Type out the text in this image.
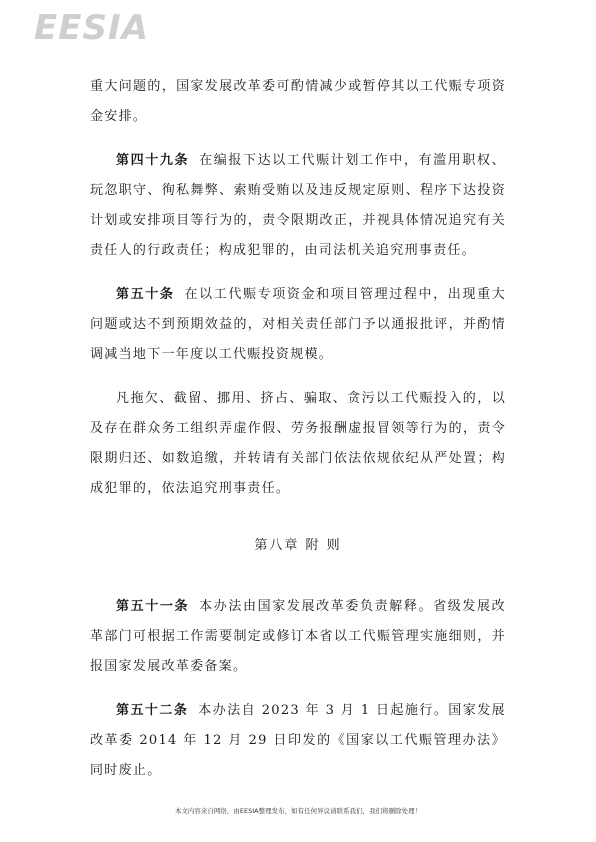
EESIA

重大问题的，国家发展改革委可酌情减少或暂停其以工代赈专项资金安排。

第四十九条 在编报下达以工代赈计划工作中，有滥用职权、玩忽职守、徇私舞弊、索贿受贿以及违反规定原则、程序下达投资计划或安排项目等行为的，责令限期改正，并视具体情况追究有关责任人的行政责任；构成犯罪的，由司法机关追究刑事责任。

第五十条 在以工代赈专项资金和项目管理过程中，出现重大问题或达不到预期效益的，对相关责任部门予以通报批评，并酌情调减当地下一年度以工代赈投资规模。

凡拖欠、截留、挪用、挤占、骗取、贪污以工代赈投入的，以及存在群众务工组织弄虚作假、劳务报酬虚报冒领等行为的，责令限期归还、如数追缴，并转请有关部门依法依规依纪从严处置；构成犯罪的，依法追究刑事责任。

第八章 附 则

第五十一条 本办法由国家发展改革委负责解释。省级发展改革部门可根据工作需要制定或修订本省以工代赈管理实施细则，并报国家发展改革委备案。

第五十二条 本办法自 2023 年 3 月 1 日起施行。国家发展改革委 2014 年 12 月 29 日印发的《国家以工代赈管理办法》同时废止。

本文内容来自网络，由EESIA整理发布，如有任何异议请联系我们，我们将删除处理！
